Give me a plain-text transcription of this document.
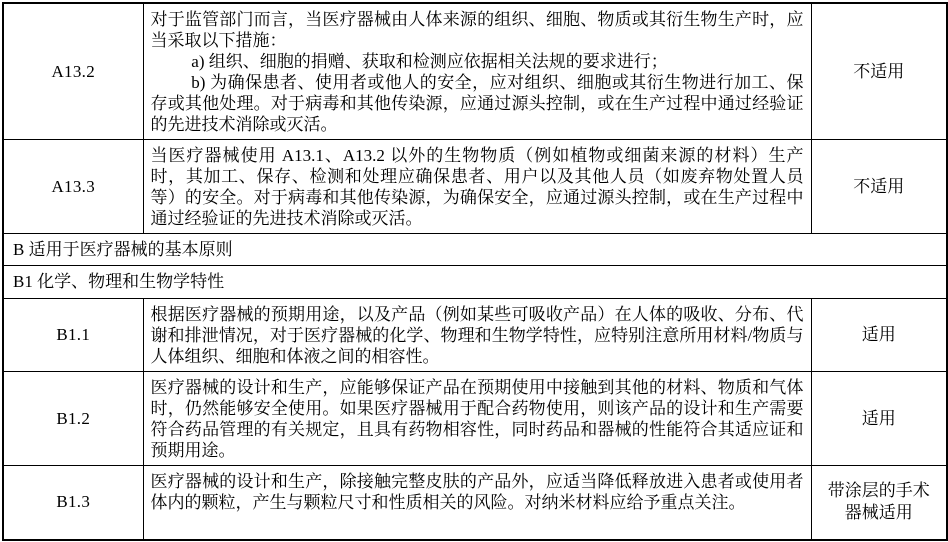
A13.2	对于监管部门而言，当医疗器械由人体来源的组织、细胞、物质或其衍生物生产时，应当采取以下措施：
a) 组织、细胞的捐赠、获取和检测应依据相关法规的要求进行；
b) 为确保患者、使用者或他人的安全，应对组织、细胞或其衍生物进行加工、保存或其他处理。对于病毒和其他传染源，应通过源头控制，或在生产过程中通过经验证的先进技术消除或灭活。	不适用
A13.3	当医疗器械使用 A13.1、A13.2 以外的生物物质（例如植物或细菌来源的材料）生产时，其加工、保存、检测和处理应确保患者、用户以及其他人员（如废弃物处置人员等）的安全。对于病毒和其他传染源，为确保安全，应通过源头控制，或在生产过程中通过经验证的先进技术消除或灭活。	不适用
B 适用于医疗器械的基本原则		
B1 化学、物理和生物学特性		
B1.1	根据医疗器械的预期用途，以及产品（例如某些可吸收产品）在人体的吸收、分布、代谢和排泄情况，对于医疗器械的化学、物理和生物学特性，应特别注意所用材料/物质与人体组织、细胞和体液之间的相容性。	适用
B1.2	医疗器械的设计和生产，应能够保证产品在预期使用中接触到其他的材料、物质和气体时，仍然能够安全使用。如果医疗器械用于配合药物使用，则该产品的设计和生产需要符合药品管理的有关规定，且具有药物相容性，同时药品和器械的性能符合其适应证和预期用途。	适用
B1.3	医疗器械的设计和生产，除接触完整皮肤的产品外，应适当降低释放进入患者或使用者体内的颗粒，产生与颗粒尺寸和性质相关的风险。对纳米材料应给予重点关注。	带涂层的手术器械适用
